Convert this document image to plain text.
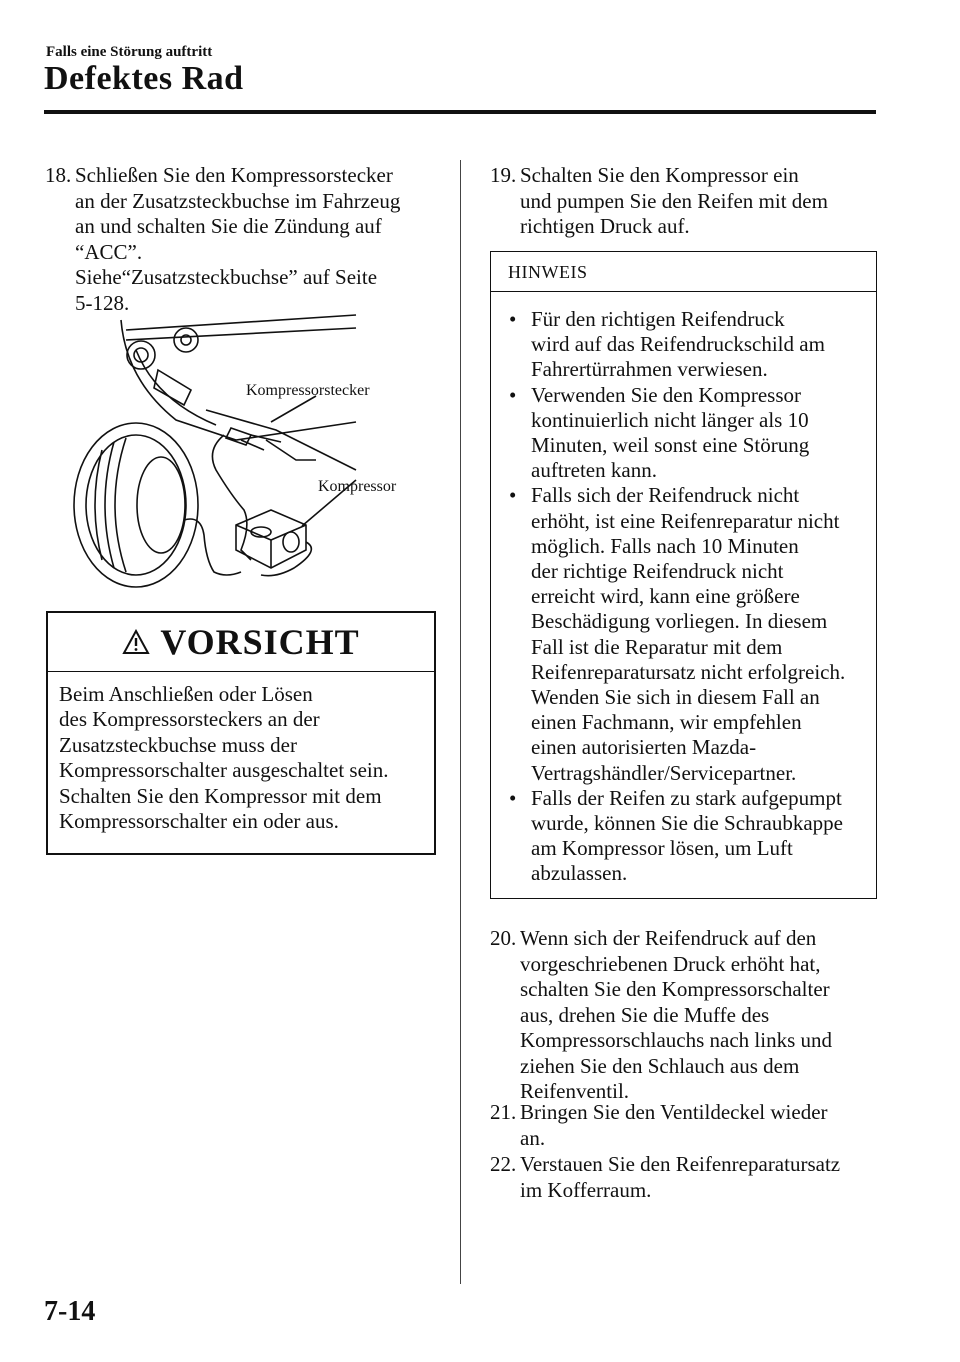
Falls eine Störung auftritt
Defektes Rad
18. Schließen Sie den Kompressorstecker
an der Zusatzsteckbuchse im Fahrzeug
an und schalten Sie die Zündung auf
“ACC”.
Siehe“Zusatzsteckbuchse” auf Seite
5-128.
Kompressorstecker
Kompressor
VORSICHT
Beim Anschließen oder Lösen
des Kompressorsteckers an der
Zusatzsteckbuchse muss der
Kompressorschalter ausgeschaltet sein.
Schalten Sie den Kompressor mit dem
Kompressorschalter ein oder aus.
19. Schalten Sie den Kompressor ein
und pumpen Sie den Reifen mit dem
richtigen Druck auf.
HINWEIS
• Für den richtigen Reifendruck
wird auf das Reifendruckschild am
Fahrertürrahmen verwiesen.
• Verwenden Sie den Kompressor
kontinuierlich nicht länger als 10
Minuten, weil sonst eine Störung
auftreten kann.
• Falls sich der Reifendruck nicht
erhöht, ist eine Reifenreparatur nicht
möglich. Falls nach 10 Minuten
der richtige Reifendruck nicht
erreicht wird, kann eine größere
Beschädigung vorliegen. In diesem
Fall ist die Reparatur mit dem
Reifenreparatursatz nicht erfolgreich.
Wenden Sie sich in diesem Fall an
einen Fachmann, wir empfehlen
einen autorisierten Mazda-
Vertragshändler/Servicepartner.
• Falls der Reifen zu stark aufgepumpt
wurde, können Sie die Schraubkappe
am Kompressor lösen, um Luft
abzulassen.
20. Wenn sich der Reifendruck auf den
vorgeschriebenen Druck erhöht hat,
schalten Sie den Kompressorschalter
aus, drehen Sie die Muffe des
Kompressorschlauchs nach links und
ziehen Sie den Schlauch aus dem
Reifenventil.
21. Bringen Sie den Ventildeckel wieder
an.
22. Verstauen Sie den Reifenreparatursatz
im Kofferraum.
7-14
